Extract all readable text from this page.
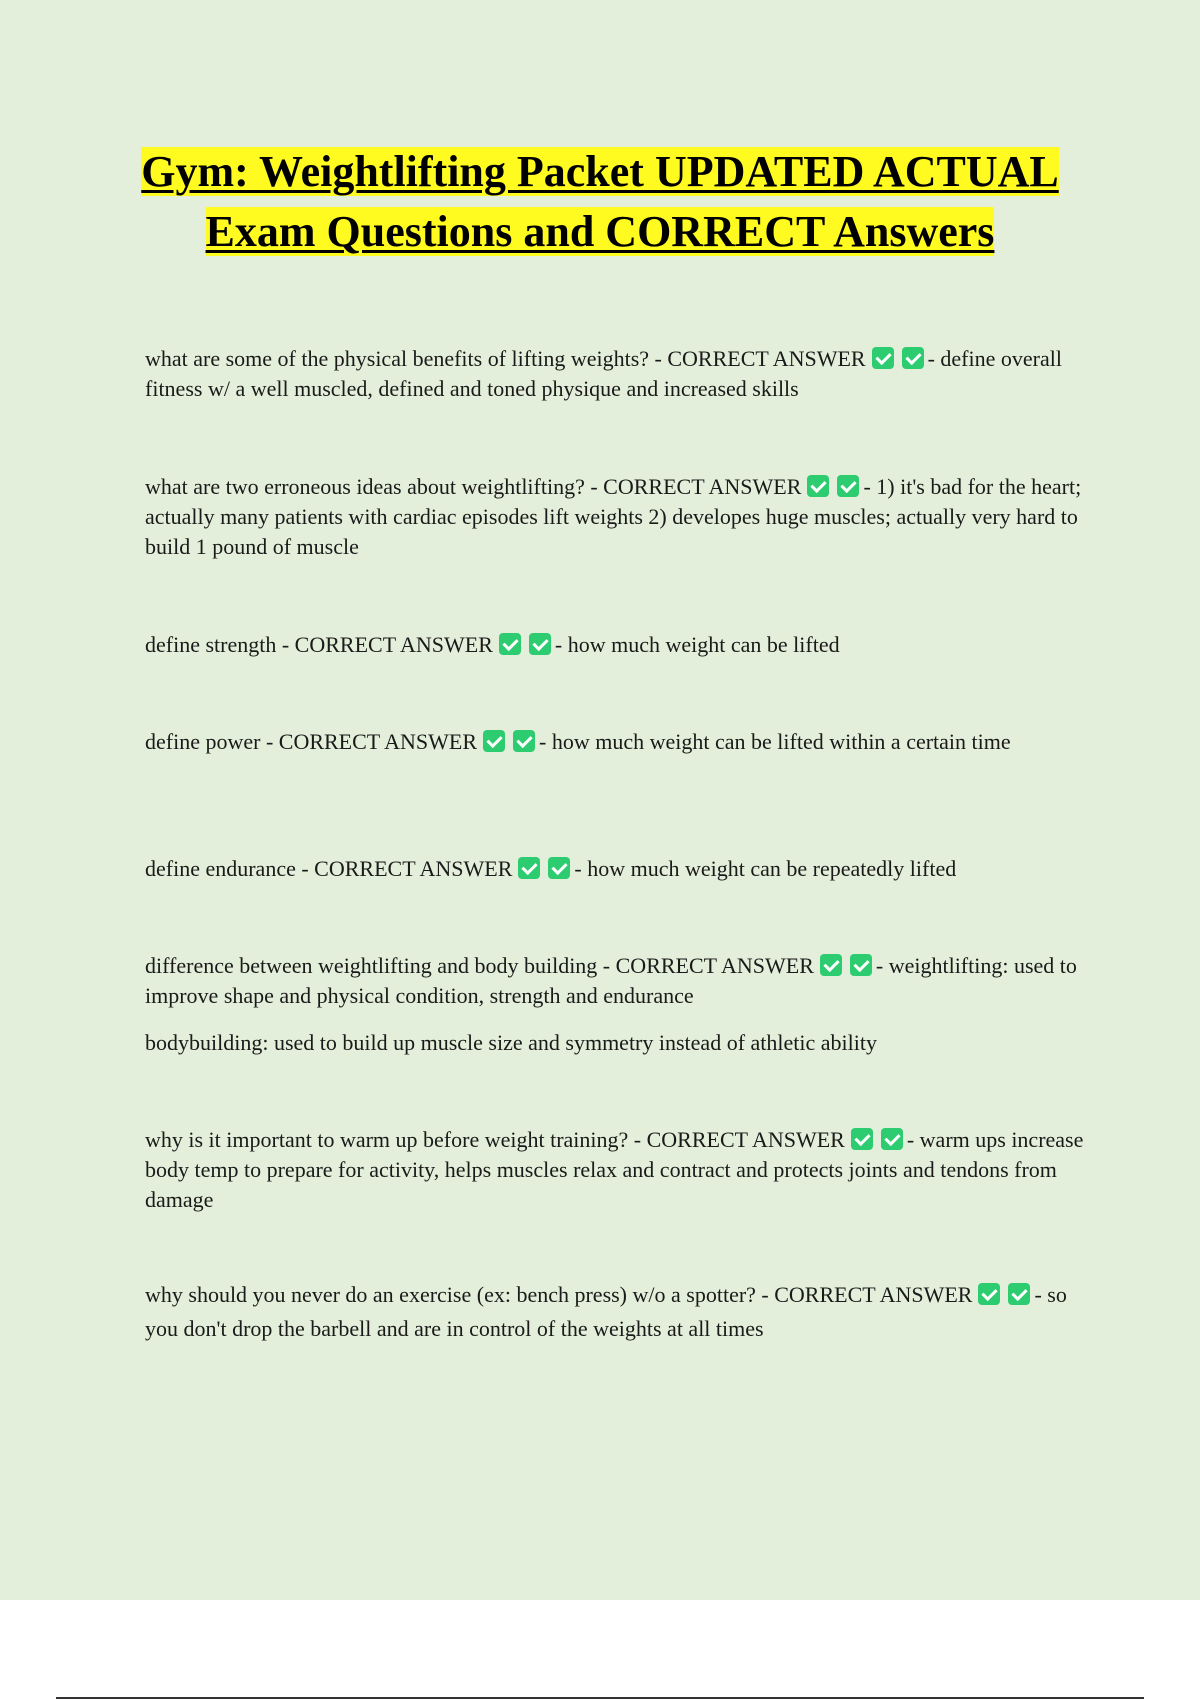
Gym: Weightlifting Packet UPDATED ACTUAL Exam Questions and CORRECT Answers

what are some of the physical benefits of lifting weights? - CORRECT ANSWER	- define overall fitness w/ a well muscled, defined and toned physique and increased skills

what are two erroneous ideas about weightlifting? - CORRECT ANSWER	- 1) it's bad for the heart; actually many patients with cardiac episodes lift weights 2) developes huge muscles; actually very hard to build 1 pound of muscle

define strength - CORRECT ANSWER	- how much weight can be lifted

define power - CORRECT ANSWER	- how much weight can be lifted within a certain time

define endurance - CORRECT ANSWER	- how much weight can be repeatedly lifted

difference between weightlifting and body building - CORRECT ANSWER	- weightlifting: used to improve shape and physical condition, strength and endurance

bodybuilding: used to build up muscle size and symmetry instead of athletic ability

why is it important to warm up before weight training? - CORRECT ANSWER	- warm ups increase body temp to prepare for activity, helps muscles relax and contract and protects joints and tendons from damage

why should you never do an exercise (ex: bench press) w/o a spotter? - CORRECT ANSWER	- so you don't drop the barbell and are in control of the weights at all times
